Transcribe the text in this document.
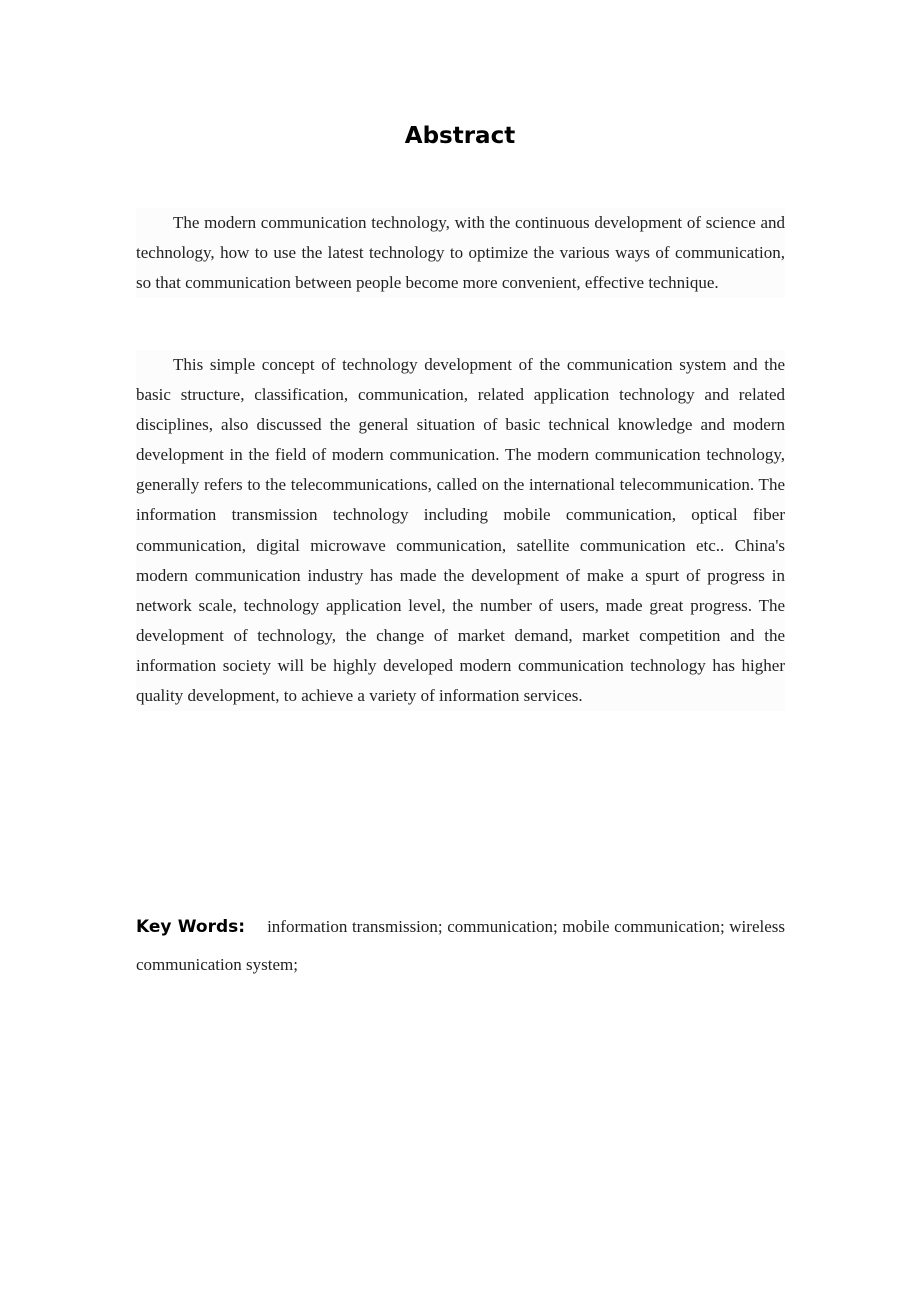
Abstract

The modern communication technology, with the continuous development of science and technology, how to use the latest technology to optimize the various ways of communication, so that communication between people become more convenient, effective technique.

This simple concept of technology development of the communication system and the basic structure, classification, communication, related application technology and related disciplines, also discussed the general situation of basic technical knowledge and modern development in the field of modern communication. The modern communication technology, generally refers to the telecommunications, called on the international telecommunication. The information transmission technology including mobile communication, optical fiber communication, digital microwave communication, satellite communication etc.. China's modern communication industry has made the development of make a spurt of progress in network scale, technology application level, the number of users, made great progress. The development of technology, the change of market demand, market competition and the information society will be highly developed modern communication technology has higher quality development, to achieve a variety of information services.

Key Words: information transmission; communication; mobile communication; wireless communication system;
